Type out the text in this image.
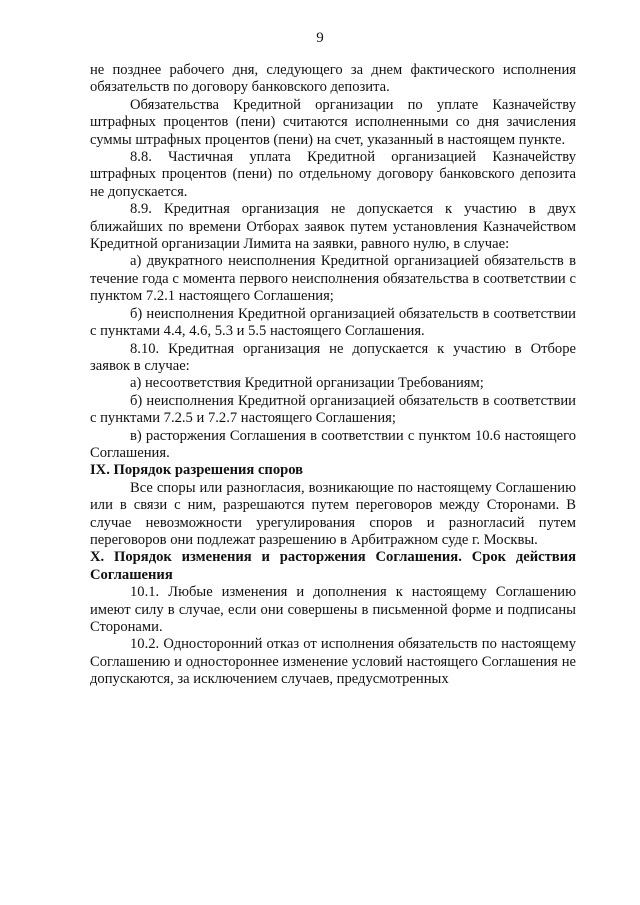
9

не позднее рабочего дня, следующего за днем фактического исполнения обязательств по договору банковского депозита.

Обязательства Кредитной организации по уплате Казначейству штрафных процентов (пени) считаются исполненными со дня зачисления суммы штрафных процентов (пени) на счет, указанный в настоящем пункте.

8.8. Частичная уплата Кредитной организацией Казначейству штрафных процентов (пени) по отдельному договору банковского депозита не допускается.

8.9. Кредитная организация не допускается к участию в двух ближайших по времени Отборах заявок путем установления Казначейством Кредитной организации Лимита на заявки, равного нулю, в случае:

а) двукратного неисполнения Кредитной организацией обязательств в течение года с момента первого неисполнения обязательства в соответствии с пунктом 7.2.1 настоящего Соглашения;

б) неисполнения Кредитной организацией обязательств в соответствии с пунктами 4.4, 4.6, 5.3 и 5.5 настоящего Соглашения.

8.10. Кредитная организация не допускается к участию в Отборе заявок в случае:

а) несоответствия Кредитной организации Требованиям;

б) неисполнения Кредитной организацией обязательств в соответствии с пунктами 7.2.5 и 7.2.7 настоящего Соглашения;

в) расторжения Соглашения в соответствии с пунктом 10.6 настоящего Соглашения.

IX. Порядок разрешения споров

Все споры или разногласия, возникающие по настоящему Соглашению или в связи с ним, разрешаются путем переговоров между Сторонами. В случае невозможности урегулирования споров и разногласий путем переговоров они подлежат разрешению в Арбитражном суде г. Москвы.

X. Порядок изменения и расторжения Соглашения. Срок действия Соглашения

10.1. Любые изменения и дополнения к настоящему Соглашению имеют силу в случае, если они совершены в письменной форме и подписаны Сторонами.

10.2. Односторонний отказ от исполнения обязательств по настоящему Соглашению и одностороннее изменение условий настоящего Соглашения не допускаются, за исключением случаев, предусмотренных
